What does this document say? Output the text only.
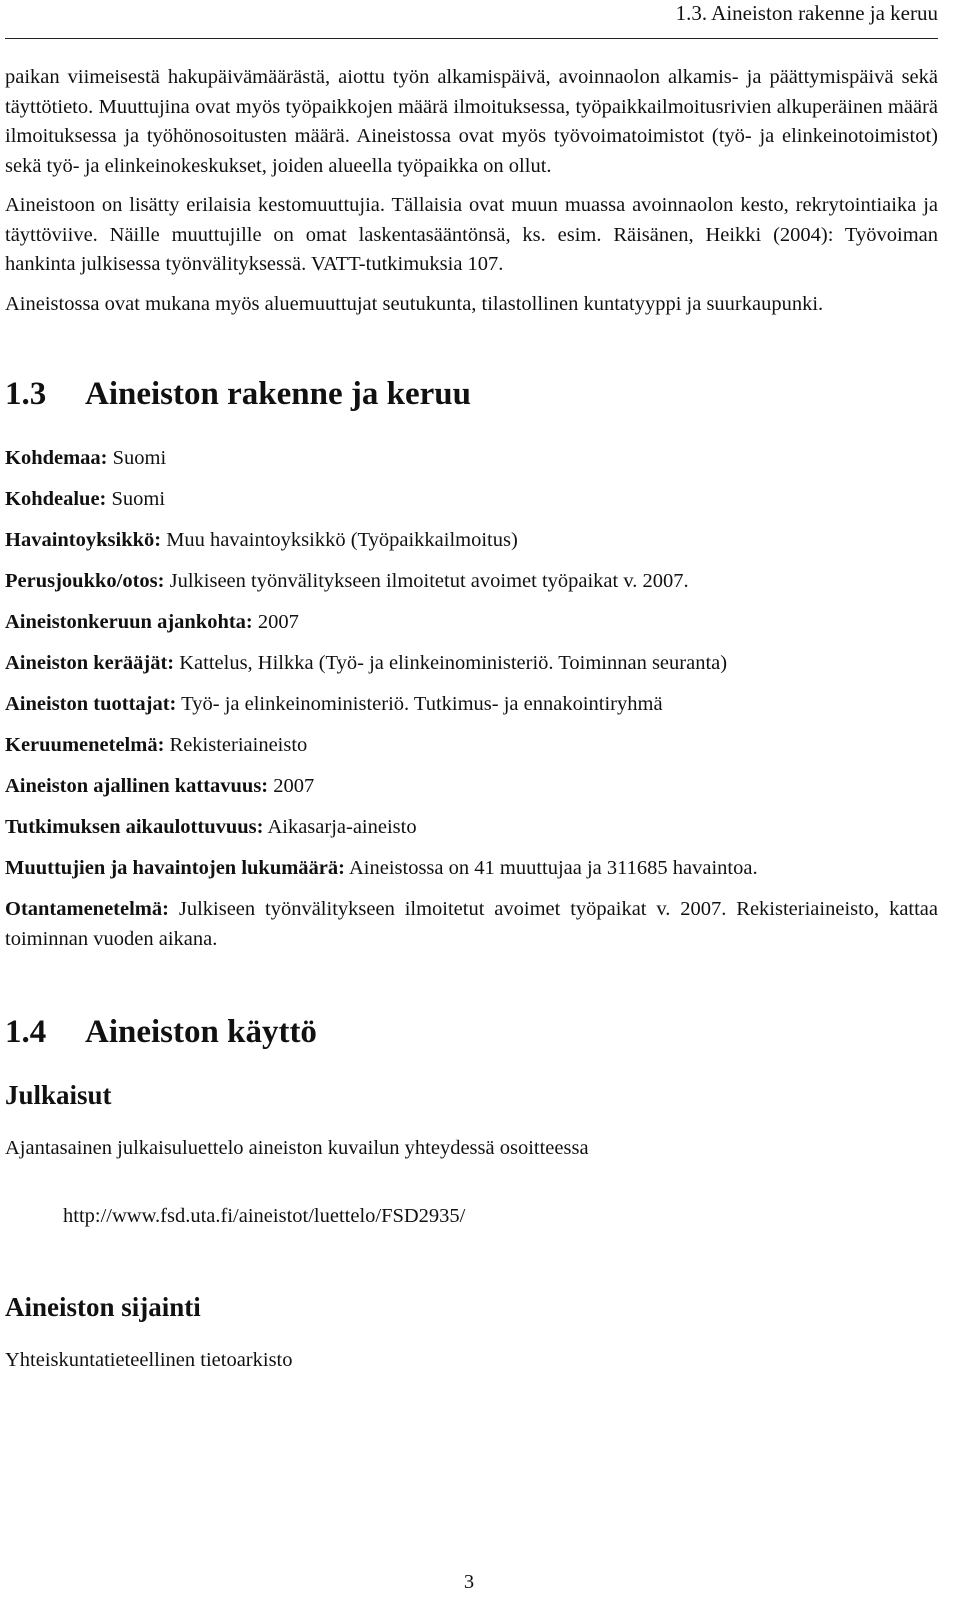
1.3. Aineiston rakenne ja keruu

paikan viimeisestä hakupäivämäärästä, aiottu työn alkamispäivä, avoinnaolon alkamis- ja päättymispäivä sekä täyttötieto. Muuttujina ovat myös työpaikkojen määrä ilmoituksessa, työpaikkailmoitusrivien alkuperäinen määrä ilmoituksessa ja työhönosoitusten määrä. Aineistossa ovat myös työvoimatoimistot (työ- ja elinkeinotoimistot) sekä työ- ja elinkeinokeskukset, joiden alueella työpaikka on ollut.

Aineistoon on lisätty erilaisia kestomuuttujia. Tällaisia ovat muun muassa avoinnaolon kesto, rekrytointiaika ja täyttöviive. Näille muuttujille on omat laskentasääntönsä, ks. esim. Räisänen, Heikki (2004): Työvoiman hankinta julkisessa työnvälityksessä. VATT-tutkimuksia 107.

Aineistossa ovat mukana myös aluemuuttujat seutukunta, tilastollinen kuntatyyppi ja suurkaupunki.

1.3 Aineiston rakenne ja keruu
Kohdemaa: Suomi
Kohdealue: Suomi
Havaintoyksikkö: Muu havaintoyksikkö (Työpaikkailmoitus)
Perusjoukko/otos: Julkiseen työnvälitykseen ilmoitetut avoimet työpaikat v. 2007.
Aineistonkeruun ajankohta: 2007
Aineiston kerääjät: Kattelus, Hilkka (Työ- ja elinkeinoministeriö. Toiminnan seuranta)
Aineiston tuottajat: Työ- ja elinkeinoministeriö. Tutkimus- ja ennakointiryhmä
Keruumenetelmä: Rekisteriaineisto
Aineiston ajallinen kattavuus: 2007
Tutkimuksen aikaulottuvuus: Aikasarja-aineisto
Muuttujien ja havaintojen lukumäärä: Aineistossa on 41 muuttujaa ja 311685 havaintoa.
Otantamenetelmä: Julkiseen työnvälitykseen ilmoitetut avoimet työpaikat v. 2007. Rekisteriaineisto, kattaa toiminnan vuoden aikana.
1.4 Aineiston käyttö
Julkaisut

Ajantasainen julkaisuluettelo aineiston kuvailun yhteydessä osoitteessa

http://www.fsd.uta.fi/aineistot/luettelo/FSD2935/

Aineiston sijainti

Yhteiskuntatieteellinen tietoarkisto

3
